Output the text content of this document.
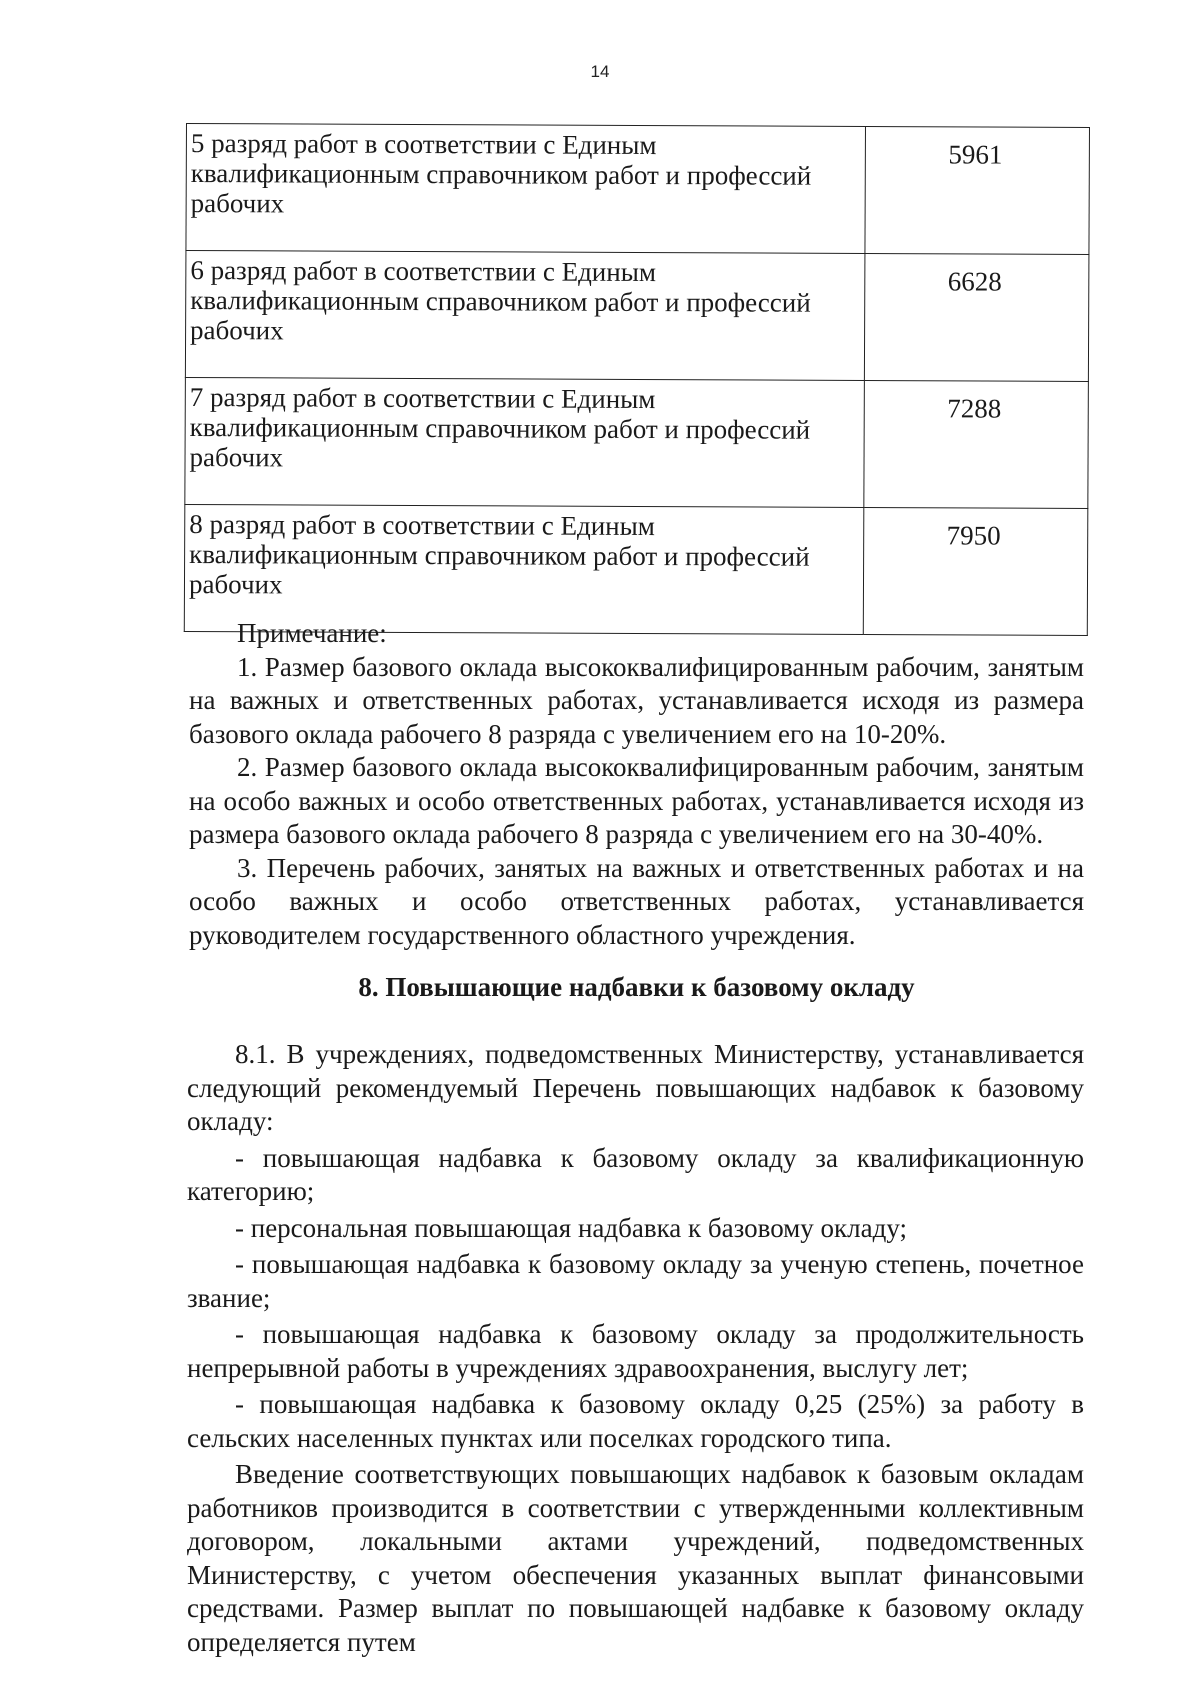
14
5 разряд работ в соответствии с Единым квалификационным справочником работ и профессий рабочих	5961
6 разряд работ в соответствии с Единым квалификационным справочником работ и профессий рабочих	6628
7 разряд работ в соответствии с Единым квалификационным справочником работ и профессий рабочих	7288
8 разряд работ в соответствии с Единым квалификационным справочником работ и профессий рабочих	7950
Примечание:

1. Размер базового оклада высококвалифицированным рабочим, занятым на важных и ответственных работах, устанавливается исходя из размера базового оклада рабочего 8 разряда с увеличением его на 10-20%.

2. Размер базового оклада высококвалифицированным рабочим, занятым на особо важных и особо ответственных работах, устанавливается исходя из размера базового оклада рабочего 8 разряда с увеличением его на 30-40%.

3. Перечень рабочих, занятых на важных и ответственных работах и на особо важных и особо ответственных работах, устанавливается руководителем государственного областного учреждения.

8. Повышающие надбавки к базовому окладу

8.1. В учреждениях, подведомственных Министерству, устанавливается следующий рекомендуемый Перечень повышающих надбавок к базовому окладу:

- повышающая надбавка к базовому окладу за квалификационную категорию;

- персональная повышающая надбавка к базовому окладу;

- повышающая надбавка к базовому окладу за ученую степень, почетное звание;

- повышающая надбавка к базовому окладу за продолжительность непрерывной работы в учреждениях здравоохранения, выслугу лет;

- повышающая надбавка к базовому окладу 0,25 (25%) за работу в сельских населенных пунктах или поселках городского типа.

Введение соответствующих повышающих надбавок к базовым окладам работников производится в соответствии с утвержденными коллективным договором, локальными актами учреждений, подведомственных Министерству, с учетом обеспечения указанных выплат финансовыми средствами. Размер выплат по повышающей надбавке к базовому окладу определяется путем
